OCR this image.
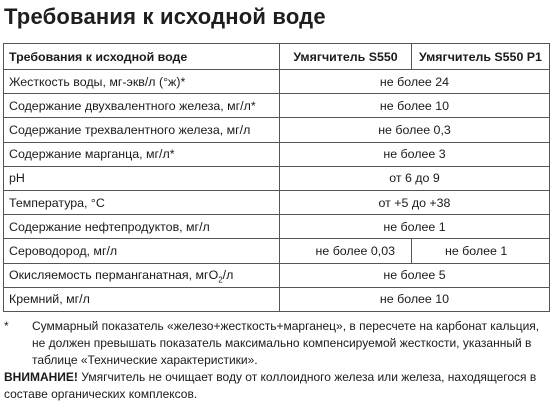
Требования к исходной воде
Требования к исходной воде	Умягчитель S550	Умягчитель S550 P1
Жесткость воды, мг-экв/л (°ж)*	не более 24	
Содержание двухвалентного железа, мг/л*	не более 10	
Содержание трехвалентного железа, мг/л	не более 0,3	
Содержание марганца, мг/л*	не более 3	
pH	от 6 до 9	
Температура, °C	от +5 до +38	
Содержание нефтепродуктов, мг/л	не более 1	
Сероводород, мг/л	не более 0,03	не более 1
Окисляемость перманганатная, мгО$_2$/л	не более 5	
Кремний, мг/л	не более 10	
* Суммарный показатель «железо+жесткость+марганец», в пересчете на карбонат кальция, не должен превышать показатель максимально компенсируемой жесткости, указанный в таблице «Технические характеристики».
ВНИМАНИЕ! Умягчитель не очищает воду от коллоидного железа или железа, находящегося в составе органических комплексов.
